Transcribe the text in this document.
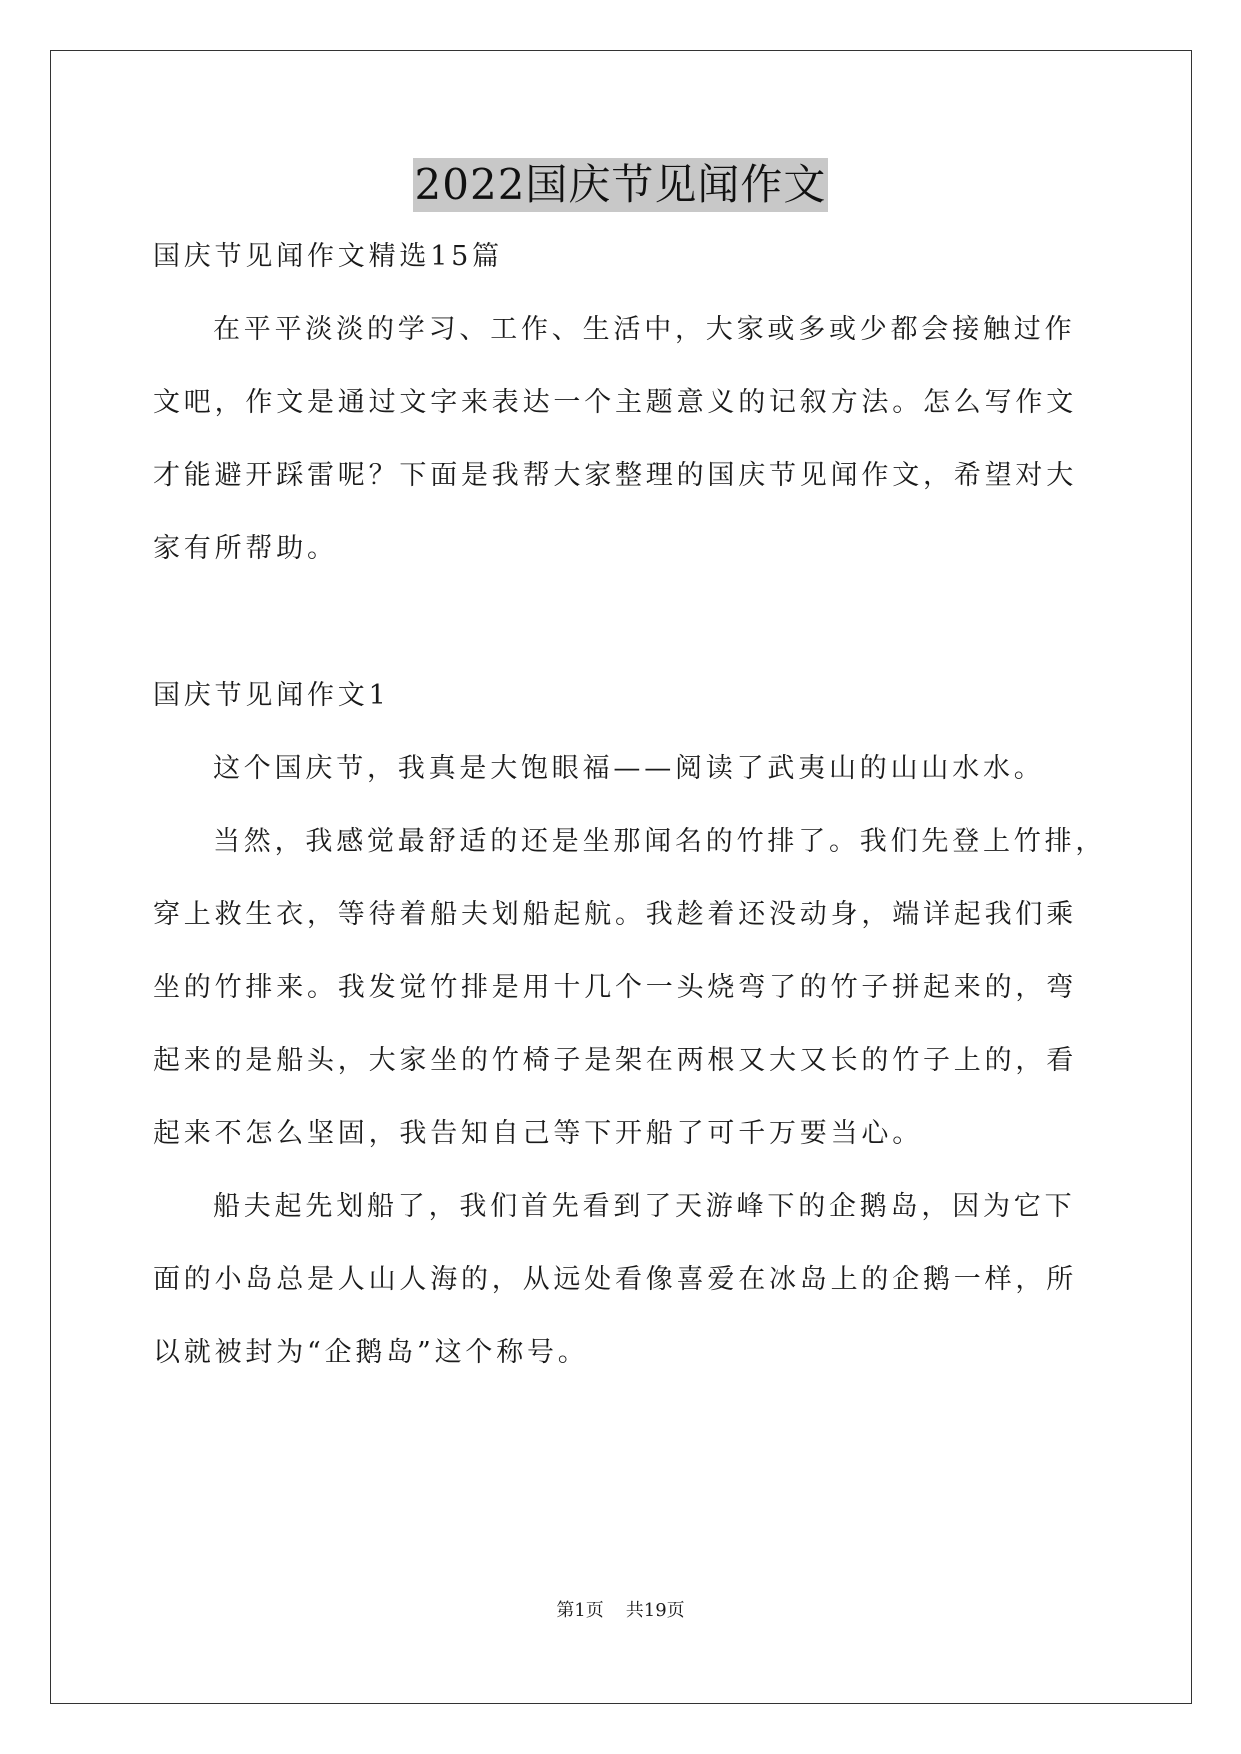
2022国庆节见闻作文
国庆节见闻作文精选15篇
在平平淡淡的学习、工作、生活中，大家或多或少都会接触过作
文吧，作文是通过文字来表达一个主题意义的记叙方法。怎么写作文
才能避开踩雷呢？下面是我帮大家整理的国庆节见闻作文，希望对大
家有所帮助。
国庆节见闻作文1
这个国庆节，我真是大饱眼福——阅读了武夷山的山山水水。
当然，我感觉最舒适的还是坐那闻名的竹排了。我们先登上竹排，
穿上救生衣，等待着船夫划船起航。我趁着还没动身，端详起我们乘
坐的竹排来。我发觉竹排是用十几个一头烧弯了的竹子拼起来的，弯
起来的是船头，大家坐的竹椅子是架在两根又大又长的竹子上的，看
起来不怎么坚固，我告知自己等下开船了可千万要当心。
船夫起先划船了，我们首先看到了天游峰下的企鹅岛，因为它下
面的小岛总是人山人海的，从远处看像喜爱在冰岛上的企鹅一样，所
以就被封为“企鹅岛”这个称号。
第1页 共19页
